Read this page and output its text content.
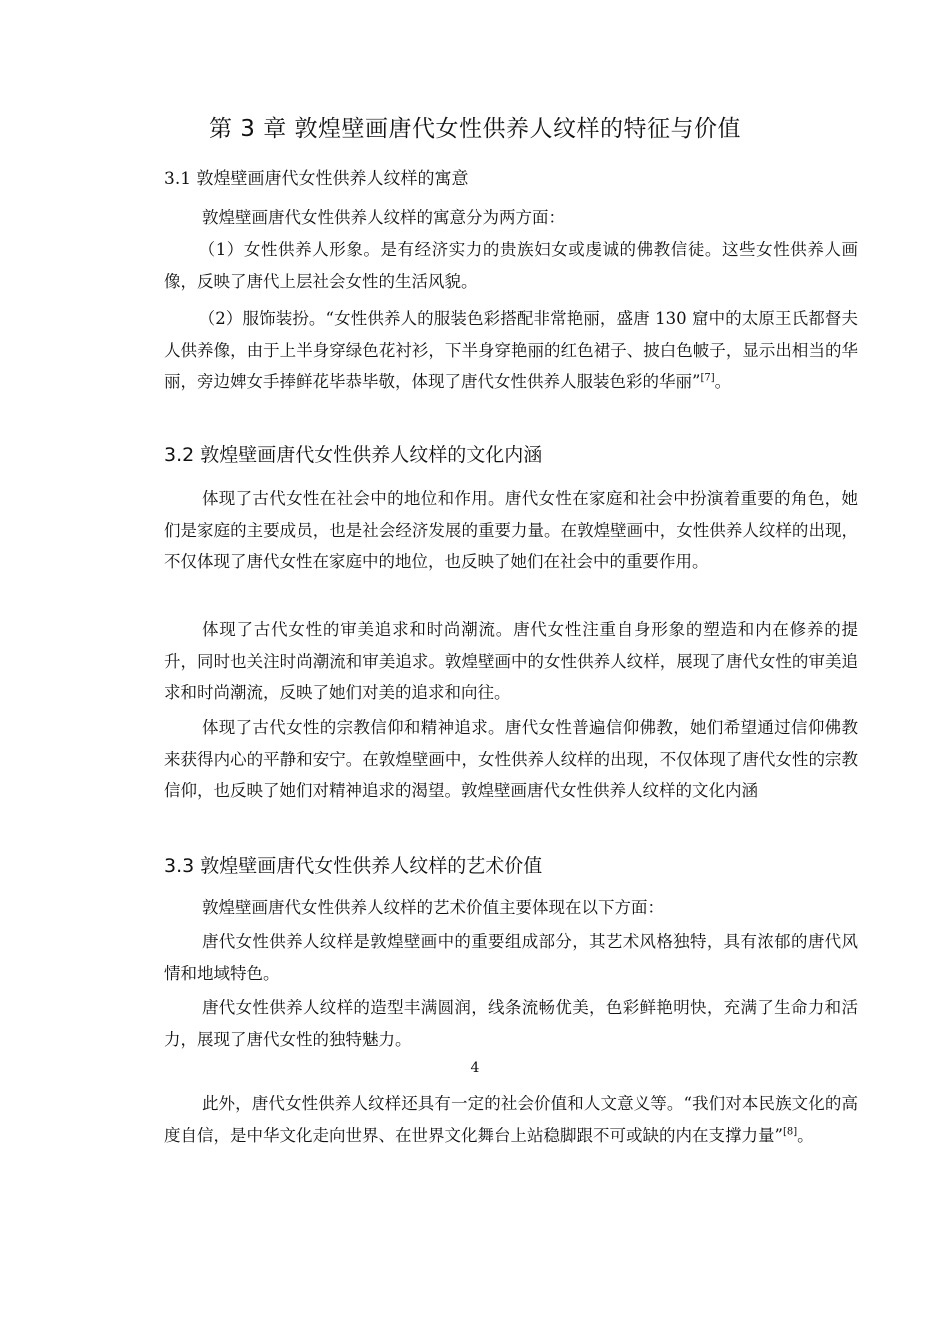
第 3 章 敦煌壁画唐代女性供养人纹样的特征与价值
3.1 敦煌壁画唐代女性供养人纹样的寓意

敦煌壁画唐代女性供养人纹样的寓意分为两方面：

（1）女性供养人形象。是有经济实力的贵族妇女或虔诚的佛教信徒。这些女性供养人画像，反映了唐代上层社会女性的生活风貌。

（2）服饰装扮。“女性供养人的服装色彩搭配非常艳丽，盛唐 130 窟中的太原王氏都督夫人供养像，由于上半身穿绿色花衬衫，下半身穿艳丽的红色裙子、披白色帔子，显示出相当的华丽，旁边婢女手捧鲜花毕恭毕敬，体现了唐代女性供养人服装色彩的华丽”[7]。

3.2 敦煌壁画唐代女性供养人纹样的文化内涵

体现了古代女性在社会中的地位和作用。唐代女性在家庭和社会中扮演着重要的角色，她们是家庭的主要成员，也是社会经济发展的重要力量。在敦煌壁画中，女性供养人纹样的出现，不仅体现了唐代女性在家庭中的地位，也反映了她们在社会中的重要作用。

体现了古代女性的审美追求和时尚潮流。唐代女性注重自身形象的塑造和内在修养的提升，同时也关注时尚潮流和审美追求。敦煌壁画中的女性供养人纹样，展现了唐代女性的审美追求和时尚潮流，反映了她们对美的追求和向往。

体现了古代女性的宗教信仰和精神追求。唐代女性普遍信仰佛教，她们希望通过信仰佛教来获得内心的平静和安宁。在敦煌壁画中，女性供养人纹样的出现，不仅体现了唐代女性的宗教信仰，也反映了她们对精神追求的渴望。敦煌壁画唐代女性供养人纹样的文化内涵

3.3 敦煌壁画唐代女性供养人纹样的艺术价值

敦煌壁画唐代女性供养人纹样的艺术价值主要体现在以下方面：

唐代女性供养人纹样是敦煌壁画中的重要组成部分，其艺术风格独特，具有浓郁的唐代风情和地域特色。

唐代女性供养人纹样的造型丰满圆润，线条流畅优美，色彩鲜艳明快，充满了生命力和活力，展现了唐代女性的独特魅力。

4

此外，唐代女性供养人纹样还具有一定的社会价值和人文意义等。“我们对本民族文化的高度自信，是中华文化走向世界、在世界文化舞台上站稳脚跟不可或缺的内在支撑力量”[8]。
